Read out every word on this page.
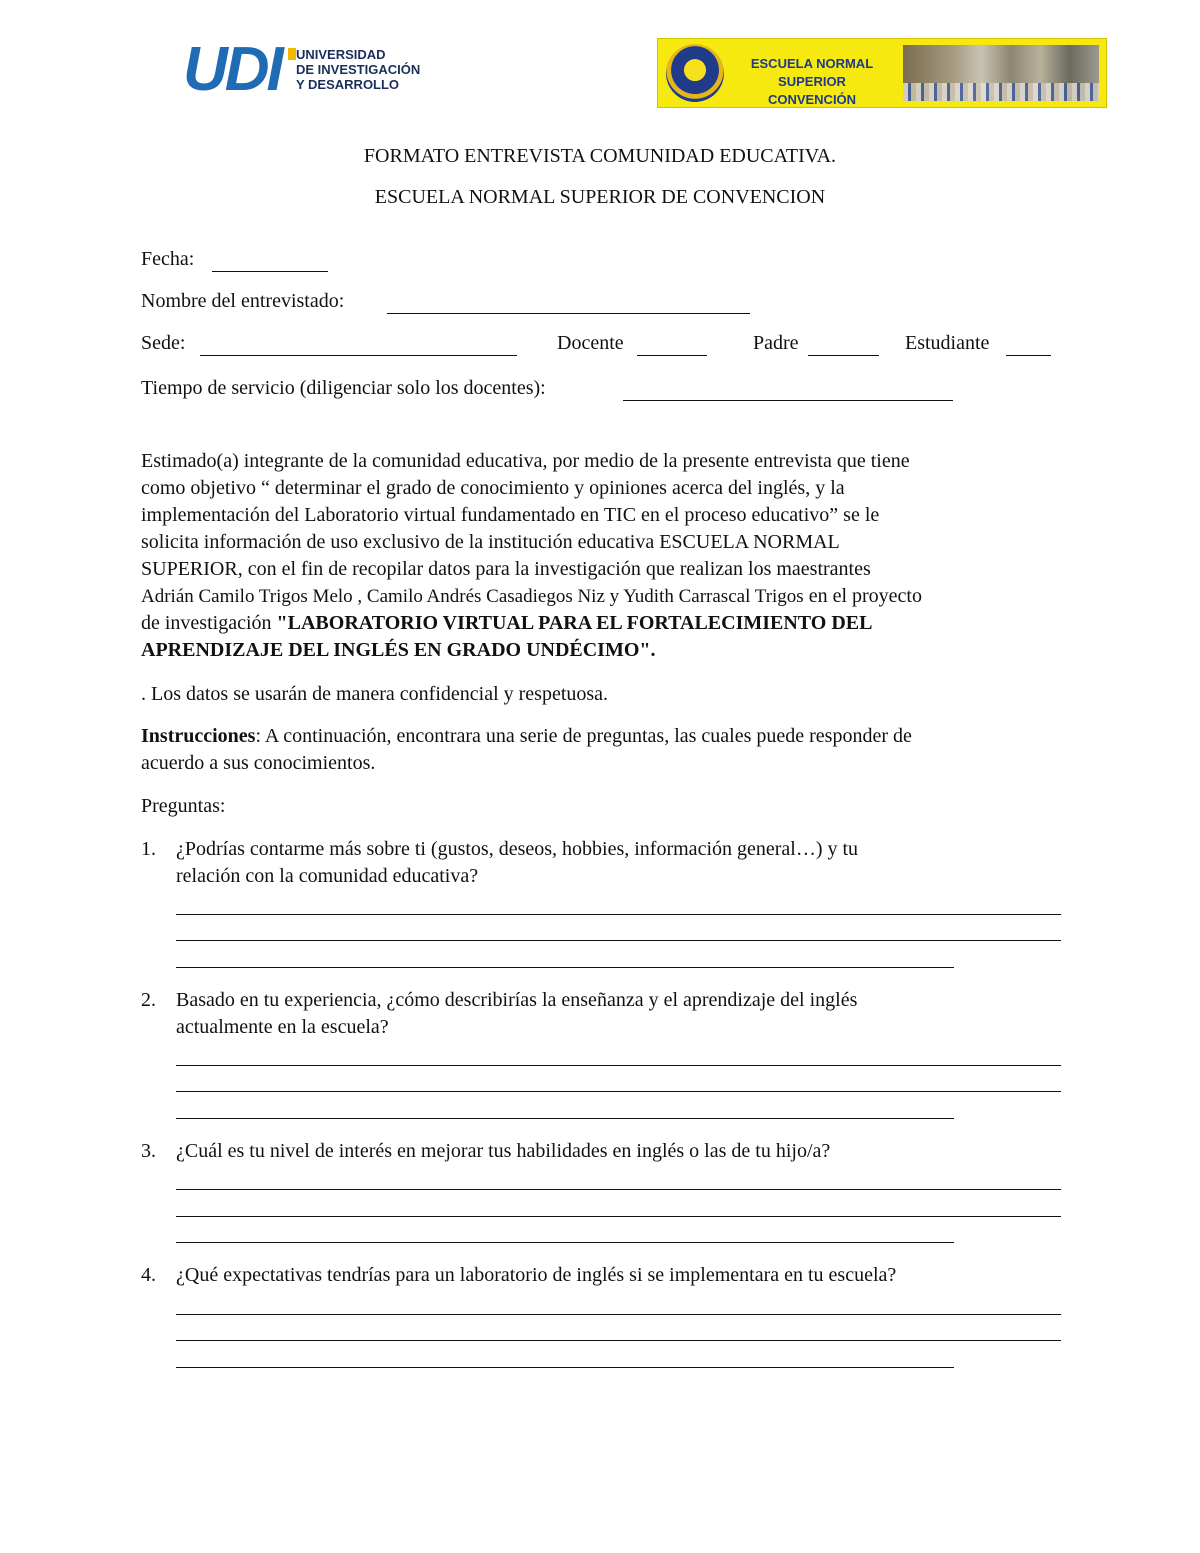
UDI UNIVERSIDAD
DE INVESTIGACIÓN
Y DESARROLLO
ESCUELA NORMAL SUPERIOR
CONVENCIÓN
FORMATO ENTREVISTA COMUNIDAD EDUCATIVA.
ESCUELA NORMAL SUPERIOR DE CONVENCION
Fecha:
Nombre del entrevistado:
Sede:	Docente	Padre	Estudiante
Tiempo de servicio (diligenciar solo los docentes):
Estimado(a) integrante de la comunidad educativa, por medio de la presente entrevista que tiene
como objetivo “ determinar el grado de conocimiento y opiniones acerca del inglés, y la
implementación del Laboratorio virtual fundamentado en TIC en el proceso educativo” se le
solicita información de uso exclusivo de la institución educativa ESCUELA NORMAL
SUPERIOR, con el fin de recopilar datos para la investigación que realizan los maestrantes
Adrián Camilo Trigos Melo , Camilo Andrés Casadiegos Niz y Yudith Carrascal Trigos en el proyecto
de investigación "LABORATORIO VIRTUAL PARA EL FORTALECIMIENTO DEL
APRENDIZAJE DEL INGLÉS EN GRADO UNDÉCIMO".
. Los datos se usarán de manera confidencial y respetuosa.
Instrucciones: A continuación, encontrara una serie de preguntas, las cuales puede responder de
acuerdo a sus conocimientos.
Preguntas:
1. ¿Podrías contarme más sobre ti (gustos, deseos, hobbies, información general…) y tu
relación con la comunidad educativa?
2. Basado en tu experiencia, ¿cómo describirías la enseñanza y el aprendizaje del inglés
actualmente en la escuela?
3. ¿Cuál es tu nivel de interés en mejorar tus habilidades en inglés o las de tu hijo/a?
4. ¿Qué expectativas tendrías para un laboratorio de inglés si se implementara en tu escuela?
